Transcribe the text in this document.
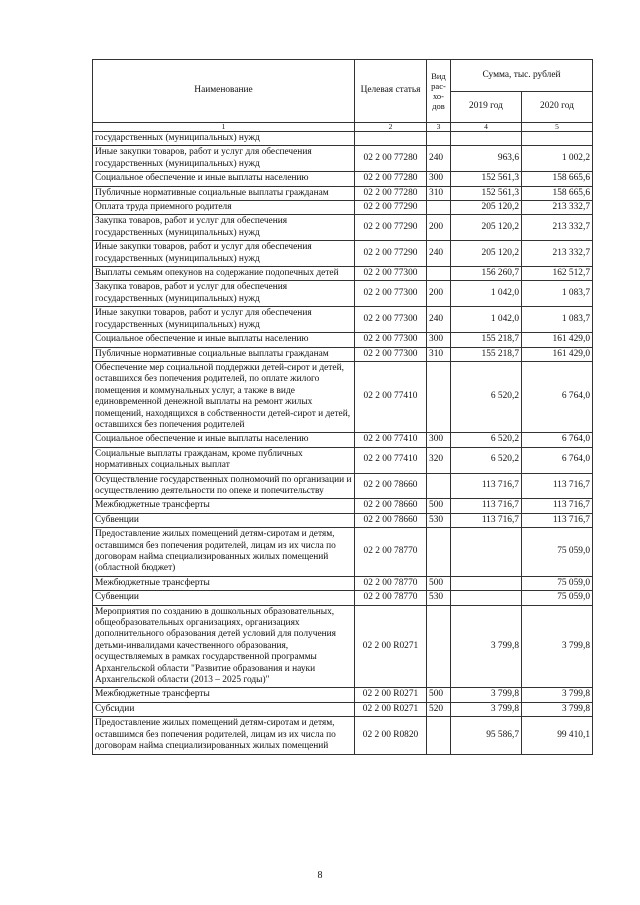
Наименование	Целевая статья	Вид рас-хо-дов	Сумма, тыс. рублей	
			2019 год	2020 год
1	2	3	4	5
государственных (муниципальных) нужд				
Иные закупки товаров, работ и услуг для обеспечения государственных (муниципальных) нужд	02 2 00 77280	240	963,6	1 002,2
Социальное обеспечение и иные выплаты населению	02 2 00 77280	300	152 561,3	158 665,6
Публичные нормативные социальные выплаты гражданам	02 2 00 77280	310	152 561,3	158 665,6
Оплата труда приемного родителя	02 2 00 77290		205 120,2	213 332,7
Закупка товаров, работ и услуг для обеспечения государственных (муниципальных) нужд	02 2 00 77290	200	205 120,2	213 332,7
Иные закупки товаров, работ и услуг для обеспечения государственных (муниципальных) нужд	02 2 00 77290	240	205 120,2	213 332,7
Выплаты семьям опекунов на содержание подопечных детей	02 2 00 77300		156 260,7	162 512,7
Закупка товаров, работ и услуг для обеспечения государственных (муниципальных) нужд	02 2 00 77300	200	1 042,0	1 083,7
Иные закупки товаров, работ и услуг для обеспечения государственных (муниципальных) нужд	02 2 00 77300	240	1 042,0	1 083,7
Социальное обеспечение и иные выплаты населению	02 2 00 77300	300	155 218,7	161 429,0
Публичные нормативные социальные выплаты гражданам	02 2 00 77300	310	155 218,7	161 429,0
Обеспечение мер социальной поддержки детей-сирот и детей, оставшихся без попечения родителей, по оплате жилого помещения и коммунальных услуг, а также в виде единовременной денежной выплаты на ремонт жилых помещений, находящихся в собственности детей-сирот и детей, оставшихся без попечения родителей	02 2 00 77410		6 520,2	6 764,0
Социальное обеспечение и иные выплаты населению	02 2 00 77410	300	6 520,2	6 764,0
Социальные выплаты гражданам, кроме публичных нормативных социальных выплат	02 2 00 77410	320	6 520,2	6 764,0
Осуществление государственных полномочий по организации и осуществлению деятельности по опеке и попечительству	02 2 00 78660		113 716,7	113 716,7
Межбюджетные трансферты	02 2 00 78660	500	113 716,7	113 716,7
Субвенции	02 2 00 78660	530	113 716,7	113 716,7
Предоставление жилых помещений детям-сиротам и детям, оставшимся без попечения родителей, лицам из их числа по договорам найма специализированных жилых помещений (областной бюджет)	02 2 00 78770			75 059,0
Межбюджетные трансферты	02 2 00 78770	500		75 059,0
Субвенции	02 2 00 78770	530		75 059,0
Мероприятия по созданию в дошкольных образовательных, общеобразовательных организациях, организациях дополнительного образования детей условий для получения детьми-инвалидами качественного образования, осуществляемых в рамках государственной программы Архангельской области "Развитие образования и науки Архангельской области (2013 – 2025 годы)"	02 2 00 R0271		3 799,8	3 799,8
Межбюджетные трансферты	02 2 00 R0271	500	3 799,8	3 799,8
Субсидии	02 2 00 R0271	520	3 799,8	3 799,8
Предоставление жилых помещений детям-сиротам и детям, оставшимся без попечения родителей, лицам из их числа по договорам найма специализированных жилых помещений	02 2 00 R0820		95 586,7	99 410,1
8
